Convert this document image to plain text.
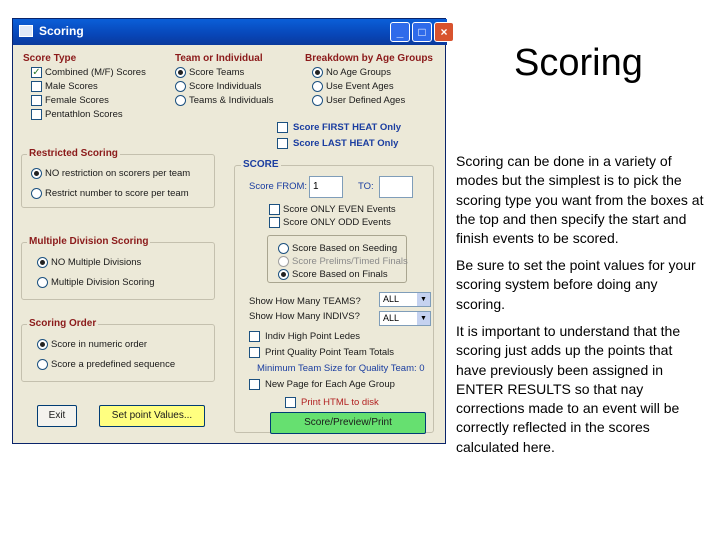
Scoring	_	□	×
Score Type
✓ Combined (M/F) Scores
Male Scores
Female Scores
Pentathlon Scores
Team or Individual
Score Teams
Score Individuals
Teams & Individuals
Breakdown by Age Groups
No Age Groups
Use Event Ages
User Defined Ages
Score FIRST HEAT Only
Score LAST HEAT Only
Restricted Scoring
NO restriction on scorers per team
Restrict number to score per team
Multiple Division Scoring
NO Multiple Divisions
Multiple Division Scoring
Scoring Order
Score in numeric order
Score a predefined sequence
SCORE
Score FROM: 1	TO:
Score ONLY EVEN Events
Score ONLY ODD Events
Score Based on Seeding
Score Prelims/Timed Finals
Score Based on Finals
Show How Many TEAMS?	ALL	▼
Show How Many INDIVS?	ALL	▼
Indiv High Point Ledes
Print Quality Point Team Totals
Minimum Team Size for Quality Team: 0
New Page for Each Age Group
Print HTML to disk
Exit	Set point Values...
Score/Preview/Print
Scoring
Scoring can be done in a variety of modes but the simplest is to pick the scoring type you want from the boxes at the top and then specify the start and finish events to be scored.
Be sure to set the point values for your scoring system before doing any scoring.
It is important to understand that the scoring just adds up the points that have previously been assigned in ENTER RESULTS so that nay corrections made to an event will be correctly reflected in the scores calculated here.
